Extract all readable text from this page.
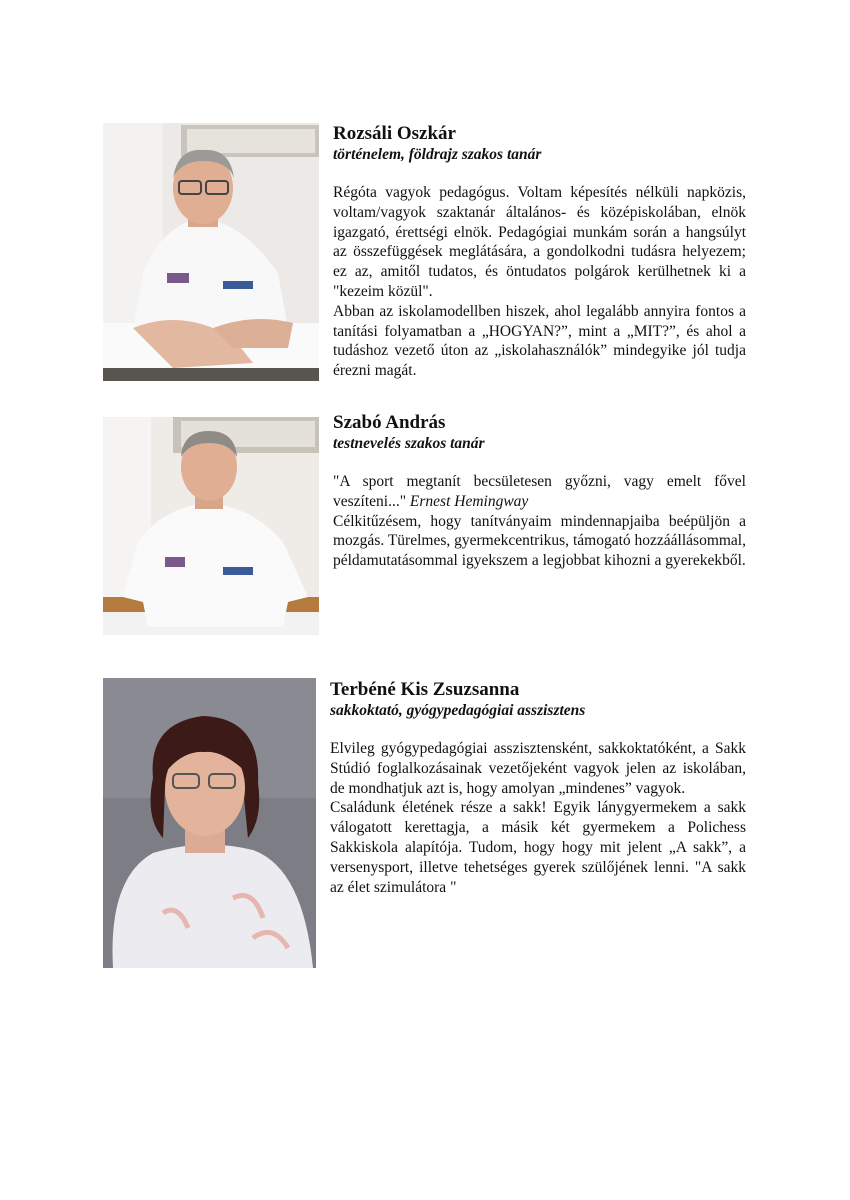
Rozsáli Oszkár

történelem, földrajz szakos tanár

Régóta vagyok pedagógus. Voltam képesítés nélküli napközis, voltam/vagyok szaktanár általános- és középiskolában, elnök igazgató, érettségi elnök. Pedagógiai munkám során a hangsúlyt az összefüggések meglátására, a gondolkodni tudásra helyezem; ez az, amitől tudatos, és öntudatos polgárok kerülhetnek ki a "kezeim közül".

Abban az iskolamodellben hiszek, ahol legalább annyira fontos a tanítási folyamatban a „HOGYAN?”, mint a „MIT?”, és ahol a tudáshoz vezető úton az „iskolahasználók” mindegyike jól tudja érezni magát.

Szabó András

testnevelés szakos tanár

"A sport megtanít becsületesen győzni, vagy emelt fővel veszíteni..." Ernest Hemingway

Célkitűzésem, hogy tanítványaim mindennapjaiba beépüljön a mozgás. Türelmes, gyermekcentrikus, támogató hozzáállásommal, példamutatásommal igyekszem a legjobbat kihozni a gyerekekből.

Terbéné Kis Zsuzsanna

sakkoktató, gyógypedagógiai asszisztens

Elvileg gyógypedagógiai asszisztensként, sakkoktatóként, a Sakk Stúdió foglalkozásainak vezetőjeként vagyok jelen az iskolában, de mondhatjuk azt is, hogy amolyan „mindenes” vagyok.

Családunk életének része a sakk! Egyik lánygyermekem a sakk válogatott kerettagja, a másik két gyermekem a Polichess Sakkiskola alapítója. Tudom, hogy hogy mit jelent „A sakk”, a versenysport, illetve tehetséges gyerek szülőjének lenni. "A sakk az élet szimulátora "
